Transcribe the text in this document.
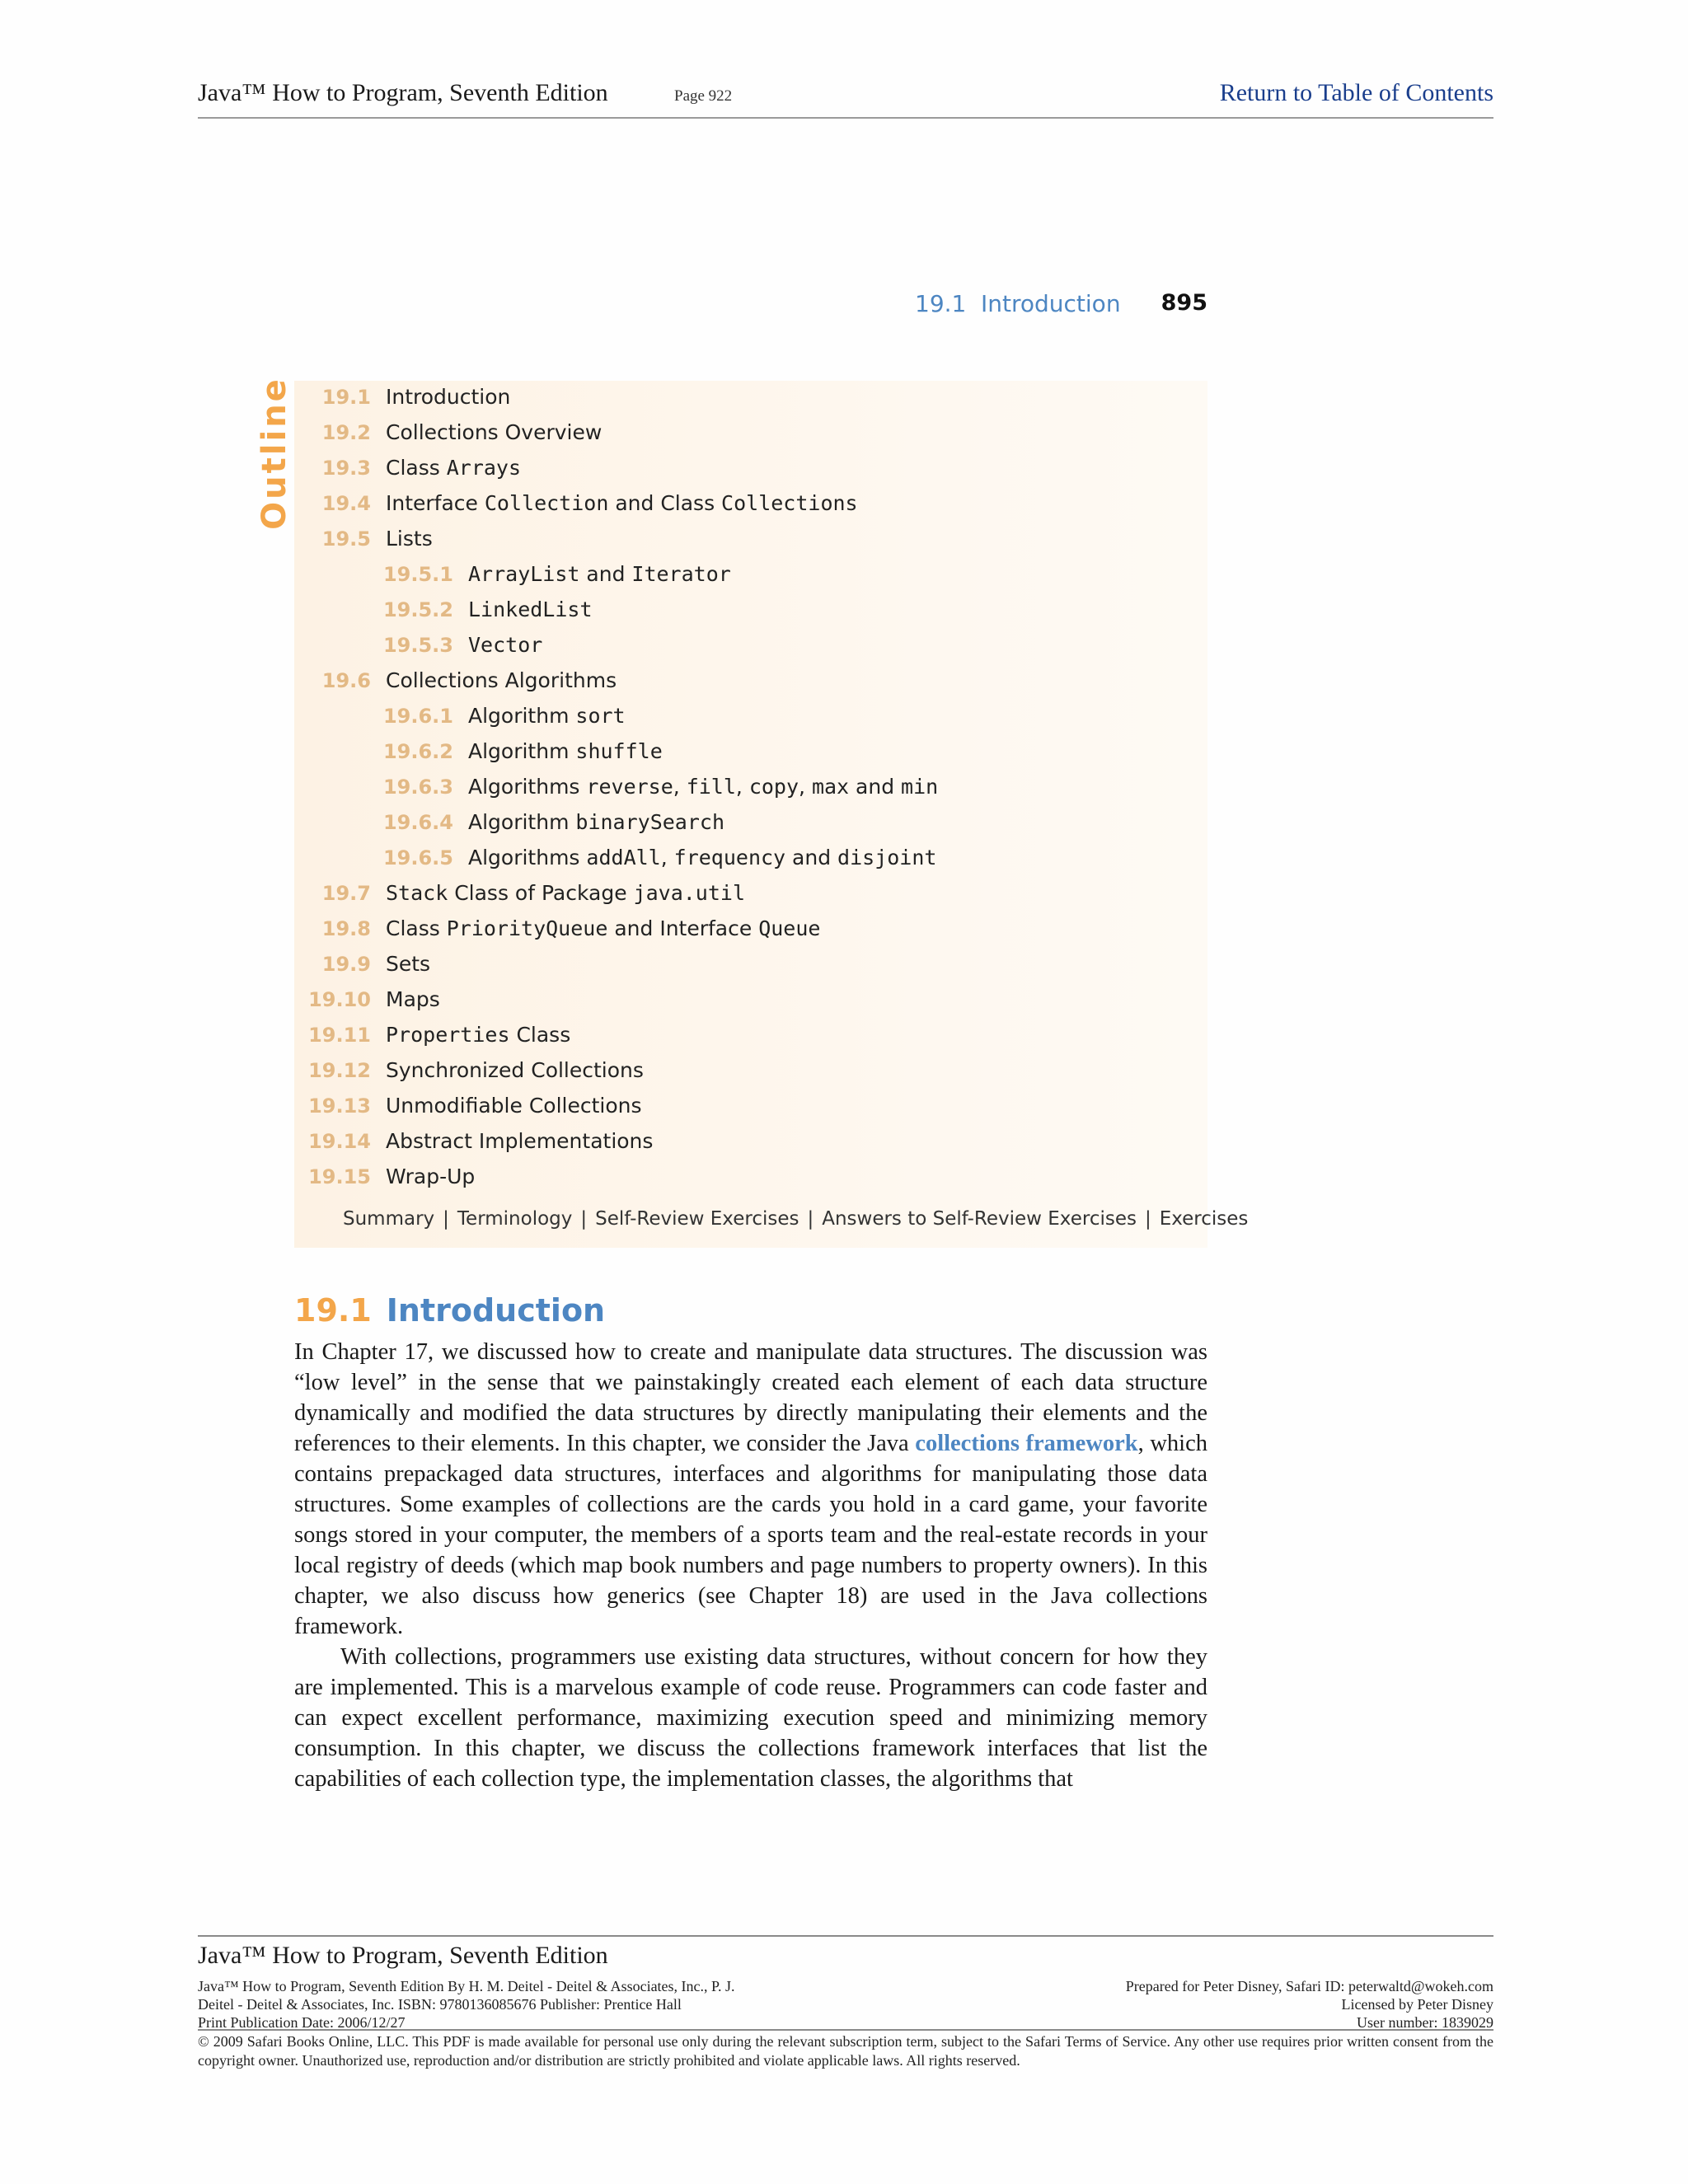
Java™ How to Program, Seventh Edition	Page 922	Return to Table of Contents
19.1 Introduction 895
Outline	19.1 Introduction
19.2 Collections Overview
19.3 Class Arrays
19.4 Interface Collection and Class Collections
19.5 Lists
19.5.1 ArrayList and Iterator
19.5.2 LinkedList
19.5.3 Vector
19.6 Collections Algorithms
19.6.1 Algorithm sort
19.6.2 Algorithm shuffle
19.6.3 Algorithms reverse, fill, copy, max and min
19.6.4 Algorithm binarySearch
19.6.5 Algorithms addAll, frequency and disjoint
19.7 Stack Class of Package java.util
19.8 Class PriorityQueue and Interface Queue
19.9 Sets
19.10 Maps
19.11 Properties Class
19.12 Synchronized Collections
19.13 Unmodifiable Collections
19.14 Abstract Implementations
19.15 Wrap-Up
Summary | Terminology | Self-Review Exercises | Answers to Self-Review Exercises | Exercises
19.1 Introduction

In Chapter 17, we discussed how to create and manipulate data structures. The discussion was “low level” in the sense that we painstakingly created each element of each data structure dynamically and modified the data structures by directly manipulating their elements and the references to their elements. In this chapter, we consider the Java collections framework, which contains prepackaged data structures, interfaces and algorithms for manipulating those data structures. Some examples of collections are the cards you hold in a card game, your favorite songs stored in your computer, the members of a sports team and the real-estate records in your local registry of deeds (which map book numbers and page numbers to property owners). In this chapter, we also discuss how generics (see Chapter 18) are used in the Java collections framework.

With collections, programmers use existing data structures, without concern for how they are implemented. This is a marvelous example of code reuse. Programmers can code faster and can expect excellent performance, maximizing execution speed and minimizing memory consumption. In this chapter, we discuss the collections framework interfaces that list the capabilities of each collection type, the implementation classes, the algorithms that

Java™ How to Program, Seventh Edition
Java™ How to Program, Seventh Edition By H. M. Deitel - Deitel & Associates, Inc., P. J.
Deitel - Deitel & Associates, Inc. ISBN: 9780136085676 Publisher: Prentice Hall
Print Publication Date: 2006/12/27
Prepared for Peter Disney, Safari ID: peterwaltd@wokeh.com
Licensed by Peter Disney
User number: 1839029
© 2009 Safari Books Online, LLC. This PDF is made available for personal use only during the relevant subscription term, subject to the Safari Terms of Service. Any other use requires prior written consent from the copyright owner. Unauthorized use, reproduction and/or distribution are strictly prohibited and violate applicable laws. All rights reserved.
